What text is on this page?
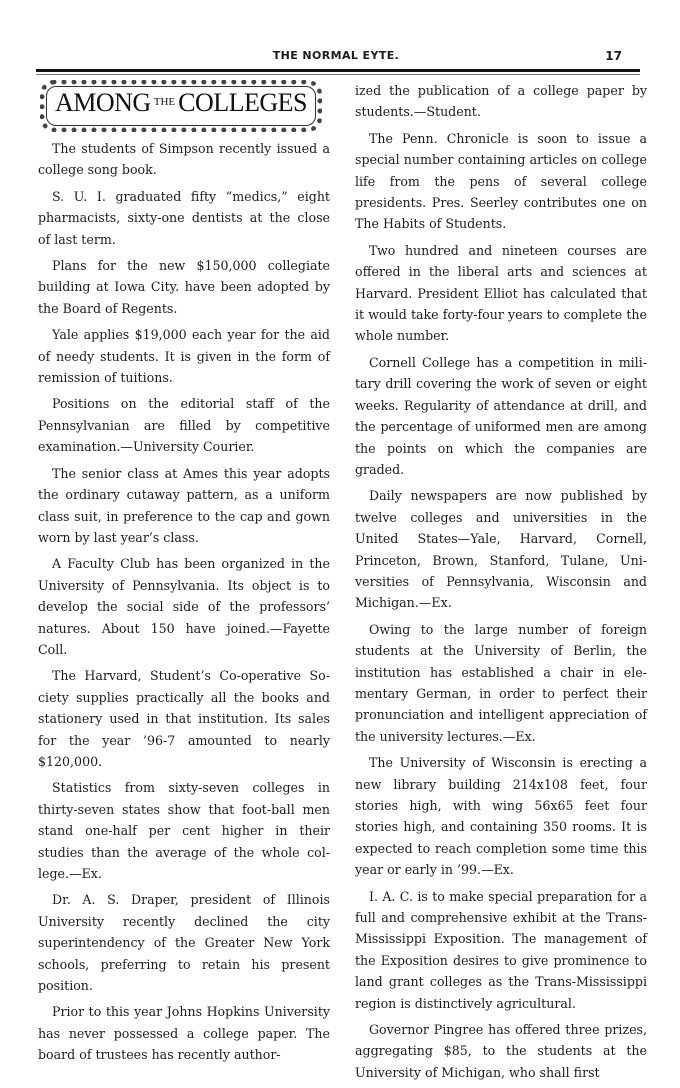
THE NORMAL EYTE.	17
AMONG $^{THE}$ COLLEGES

The students of Simpson recently issued a college song book.

S. U. I. graduated fifty “medics,” eight pharmacists, sixty-one dentists at the close of last term.

Plans for the new $150,000 collegiate building at Iowa City. have been adopted by the Board of Regents.

Yale applies $19,000 each year for the aid of needy students. It is given in the form of remission of tuitions.

Positions on the editorial staff of the Pennsylvanian are filled by competitive examination.—University Courier.

The senior class at Ames this year adopts the ordinary cutaway pattern, as a uniform class suit, in preference to the cap and gown worn by last year’s class.

A Faculty Club has been organized in the University of Pennsylvania. Its object is to develop the social side of the professors’ natures. About 150 have joined.—Fayette Coll.

The Harvard, Student’s Co-operative Society supplies practically all the books and stationery used in that institution. Its sales for the year ’96-7 amounted to nearly $120,000.

Statistics from sixty-seven colleges in thirty-seven states show that foot-ball men stand one-half per cent higher in their studies than the average of the whole college.—Ex.

Dr. A. S. Draper, president of Illinois University recently declined the city superintendency of the Greater New York schools, preferring to retain his present position.

Prior to this year Johns Hopkins University has never possessed a college paper. The board of trustees has recently author-

ized the publication of a college paper by students.—Student.

The Penn. Chronicle is soon to issue a special number containing articles on college life from the pens of several college presidents. Pres. Seerley contributes one on The Habits of Students.

Two hundred and nineteen courses are offered in the liberal arts and sciences at Harvard. President Elliot has calculated that it would take forty-four years to complete the whole number.

Cornell College has a competition in military drill covering the work of seven or eight weeks. Regularity of attendance at drill, and the percentage of uniformed men are among the points on which the companies are graded.

Daily newspapers are now published by twelve colleges and universities in the United States—Yale, Harvard, Cornell, Princeton, Brown, Stanford, Tulane, Universities of Pennsylvania, Wisconsin and Michigan.—Ex.

Owing to the large number of foreign students at the University of Berlin, the institution has established a chair in elementary German, in order to perfect their pronunciation and intelligent appreciation of the university lectures.—Ex.

The University of Wisconsin is erecting a new library building 214x108 feet, four stories high, with wing 56x65 feet four stories high, and containing 350 rooms. It is expected to reach completion some time this year or early in ’99.—Ex.

I. A. C. is to make special preparation for a full and comprehensive exhibit at the Trans-Mississippi Exposition. The management of the Exposition desires to give prominence to land grant colleges as the Trans-Mississippi region is distinctively agricultural.

Governor Pingree has offered three prizes, aggregating $85, to the students at the University of Michigan, who shall first
